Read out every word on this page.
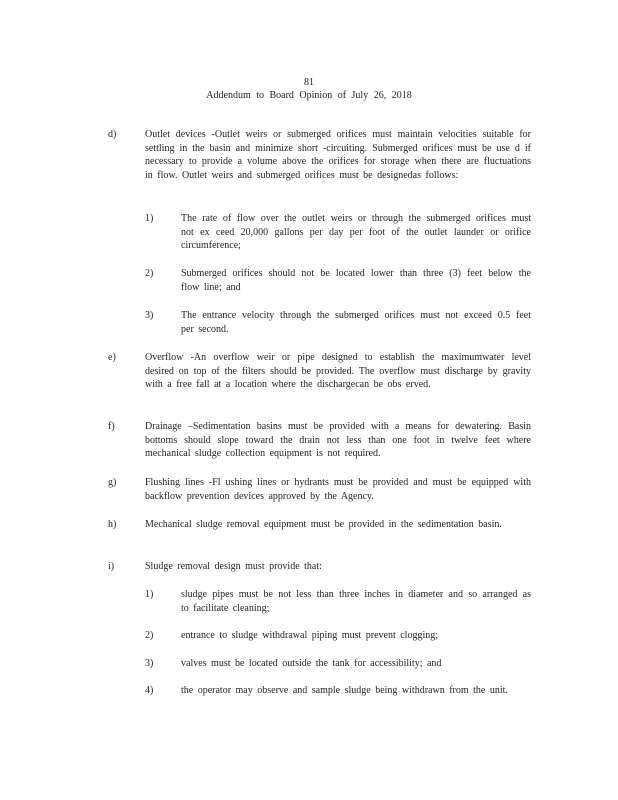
81
Addendum to Board Opinion of July 26, 2018
d)	Outlet devices -Outlet weirs or submerged orifices must maintain velocities suitable for settling in the basin and minimize short -circuiting. Submerged orifices must be use d if necessary to provide a volume above the orifices for storage when there are fluctuations in flow. Outlet weirs and submerged orifices must be designedas follows:
1)	The rate of flow over the outlet weirs or through the submerged orifices must not ex ceed 20,000 gallons per day per foot of the outlet launder or orifice circumference;
2)	Submerged orifices should not be located lower than three (3) feet below the flow line; and
3)	The entrance velocity through the submerged orifices must not exceed 0.5 feet per second.
e)	Overflow -An overflow weir or pipe designed to establish the maximumwater level desired on top of the filters should be provided. The overflow must discharge by gravity with a free fall at a location where the dischargecan be obs erved.
f)	Drainage –Sedimentation basins must be provided with a means for dewatering. Basin bottoms should slope toward the drain not less than one foot in twelve feet where mechanical sludge collection equipment is not required.
g)	Flushing lines -Fl ushing lines or hydrants must be provided and must be equipped with backflow prevention devices approved by the Agency.
h)	Mechanical sludge removal equipment must be provided in the sedimentation basin.
i)	Sludge removal design must provide that:
1)	sludge pipes must be not less than three inches in diameter and so arranged as to facilitate cleaning;
2)	entrance to sludge withdrawal piping must prevent clogging;
3)	valves must be located outside the tank for accessibility; and
4)	the operator may observe and sample sludge being withdrawn from the unit.
